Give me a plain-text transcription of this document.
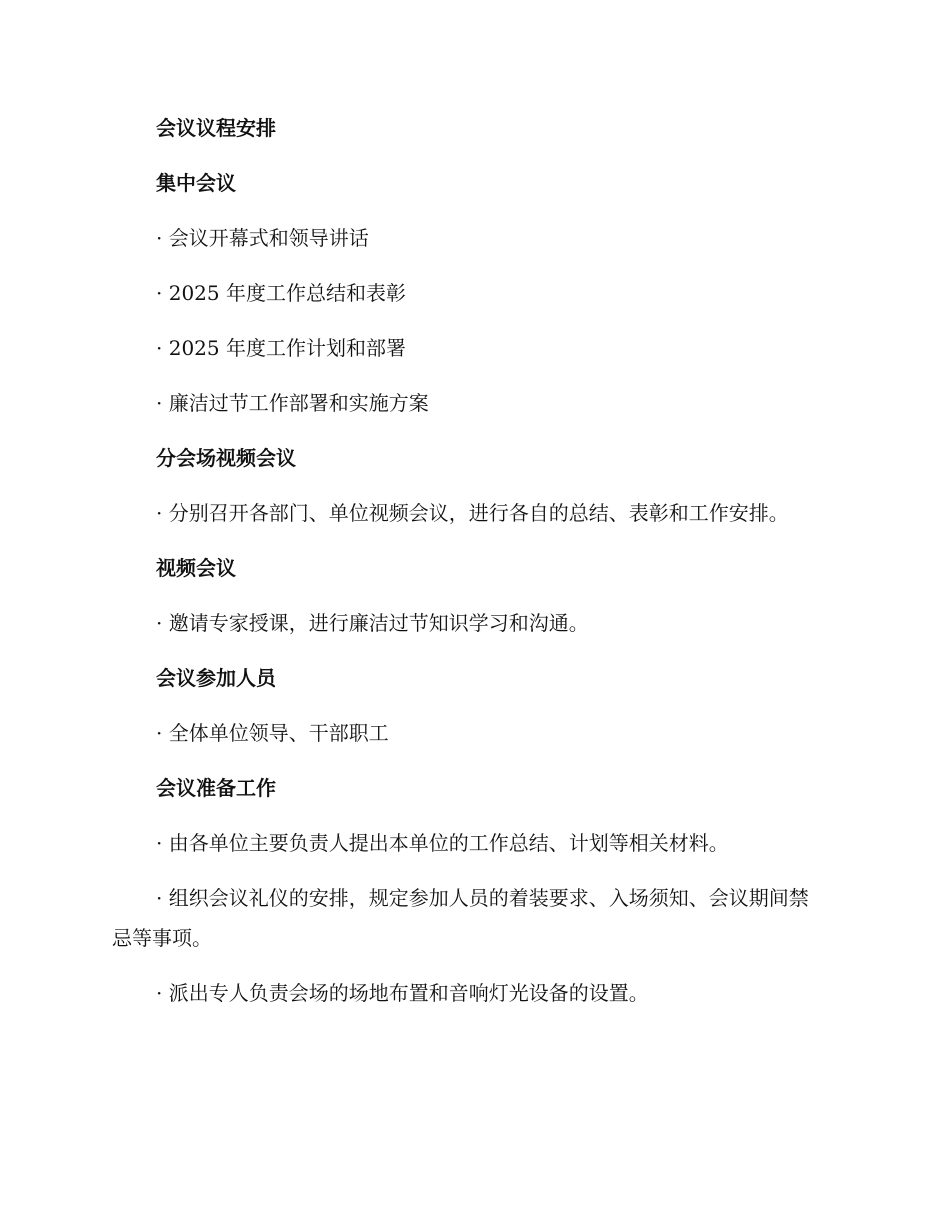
会议议程安排
集中会议

· 会议开幕式和领导讲话

· 2025 年度工作总结和表彰

· 2025 年度工作计划和部署

· 廉洁过节工作部署和实施方案

分会场视频会议

· 分别召开各部门、单位视频会议，进行各自的总结、表彰和工作安排。

视频会议

· 邀请专家授课，进行廉洁过节知识学习和沟通。

会议参加人员

· 全体单位领导、干部职工

会议准备工作

· 由各单位主要负责人提出本单位的工作总结、计划等相关材料。

· 组织会议礼仪的安排，规定参加人员的着装要求、入场须知、会议期间禁忌等事项。

· 派出专人负责会场的场地布置和音响灯光设备的设置。
